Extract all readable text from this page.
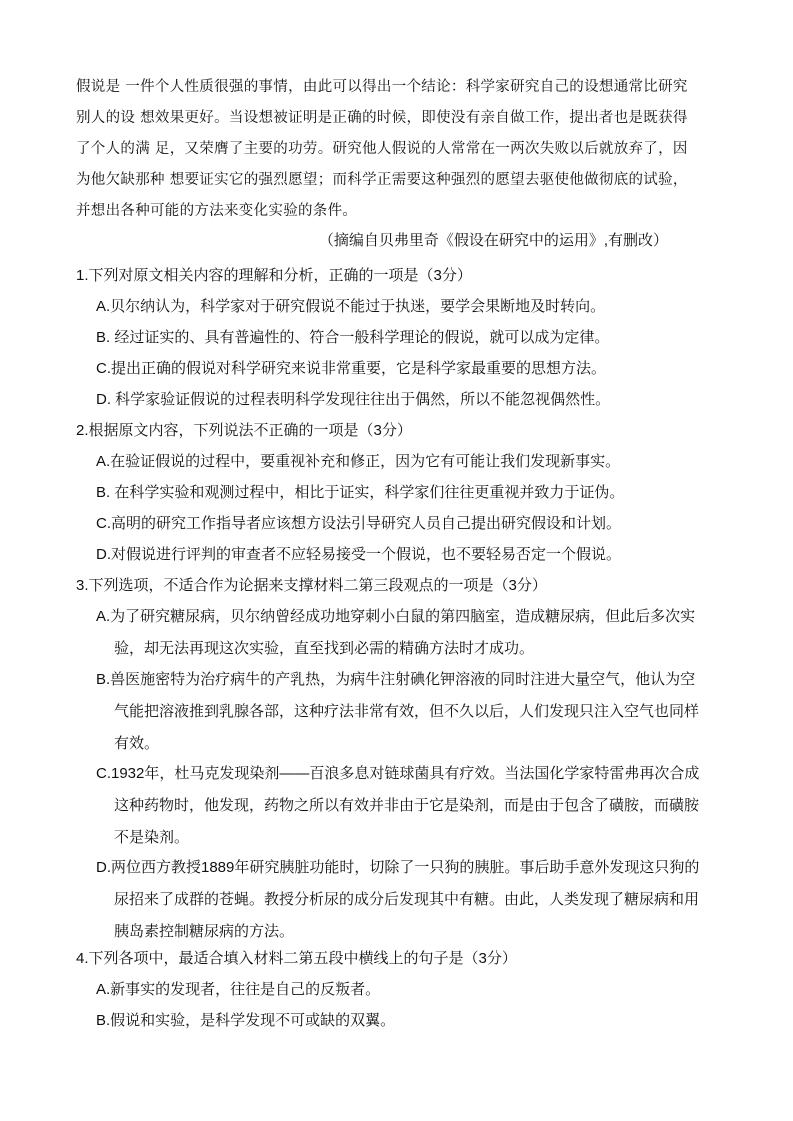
假说是 一件个人性质很强的事情，由此可以得出一个结论：科学家研究自己的设想通常比研究

别人的设 想效果更好。当设想被证明是正确的时候，即使没有亲自做工作，提出者也是既获得

了个人的满 足，又荣膺了主要的功劳。研究他人假说的人常常在一两次失败以后就放弃了，因

为他欠缺那种 想要证实它的强烈愿望；而科学正需要这种强烈的愿望去驱使他做彻底的试验，

并想出各种可能的方法来变化实验的条件。

（摘编自贝弗里奇《假设在研究中的运用》,有删改）
1.下列对原文相关内容的理解和分析，正确的一项是（3分）
A.贝尔纳认为，科学家对于研究假说不能过于执迷，要学会果断地及时转向。
B. 经过证实的、具有普遍性的、符合一般科学理论的假说，就可以成为定律。
C.提出正确的假说对科学研究来说非常重要，它是科学家最重要的思想方法。
D. 科学家验证假说的过程表明科学发现往往出于偶然，所以不能忽视偶然性。
2.根据原文内容，下列说法不正确的一项是（3分）
A.在验证假说的过程中，要重视补充和修正，因为它有可能让我们发现新事实。
B. 在科学实验和观测过程中，相比于证实，科学家们往往更重视并致力于证伪。
C.高明的研究工作指导者应该想方设法引导研究人员自己提出研究假设和计划。
D.对假说进行评判的审查者不应轻易接受一个假说，也不要轻易否定一个假说。
3.下列选项，不适合作为论据来支撑材料二第三段观点的一项是（3分）
A.为了研究糖尿病，贝尔纳曾经成功地穿刺小白鼠的第四脑室，造成糖尿病，但此后多次实
验，却无法再现这次实验，直至找到必需的精确方法时才成功。
B.兽医施密特为治疗病牛的产乳热，为病牛注射碘化钾溶液的同时注进大量空气，他认为空
气能把溶液推到乳腺各部，这种疗法非常有效，但不久以后，人们发现只注入空气也同样
有效。
C.1932年，杜马克发现染剂——百浪多息对链球菌具有疗效。当法国化学家特雷弗再次合成
这种药物时，他发现，药物之所以有效并非由于它是染剂，而是由于包含了磺胺，而磺胺
不是染剂。
D.两位西方教授1889年研究胰脏功能时，切除了一只狗的胰脏。事后助手意外发现这只狗的
尿招来了成群的苍蝇。教授分析尿的成分后发现其中有糖。由此，人类发现了糖尿病和用
胰岛素控制糖尿病的方法。
4.下列各项中，最适合填入材料二第五段中横线上的句子是（3分）
A.新事实的发现者，往往是自己的反叛者。
B.假说和实验，是科学发现不可或缺的双翼。
